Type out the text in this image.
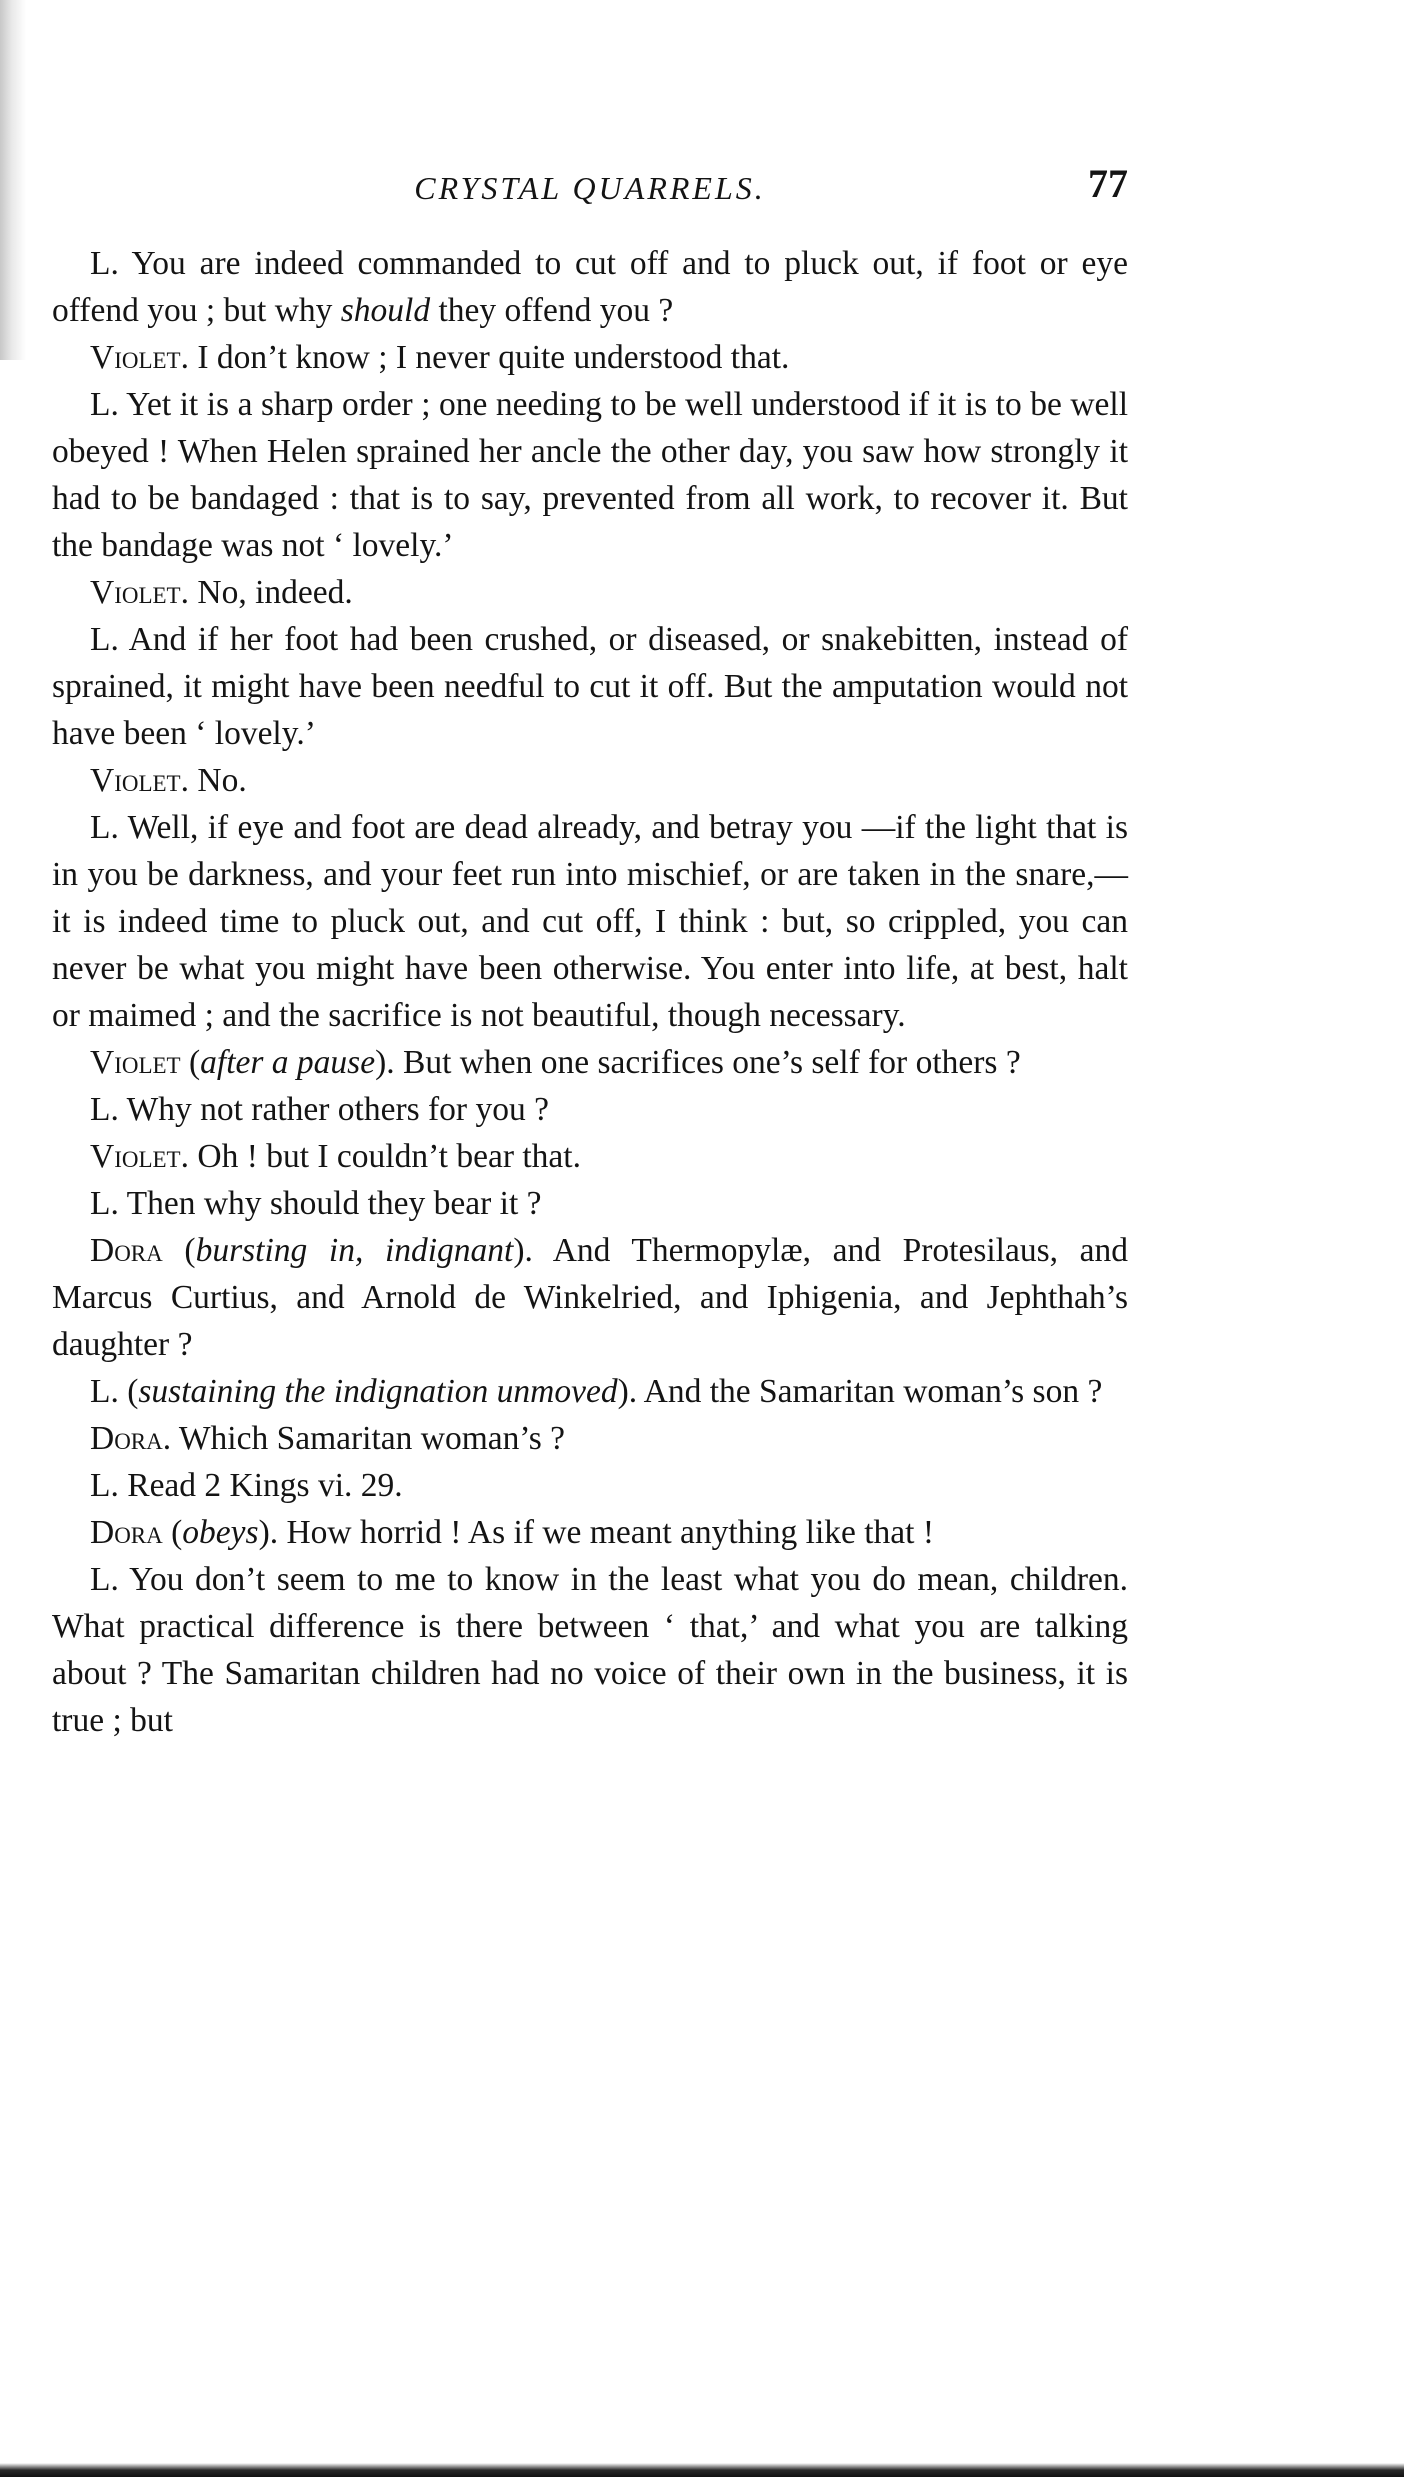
CRYSTAL QUARRELS.	77

L. You are indeed commanded to cut off and to pluck out, if foot or eye offend you ; but why should they offend you ?

Violet. I don’t know ; I never quite understood that.

L. Yet it is a sharp order ; one needing to be well understood if it is to be well obeyed ! When Helen sprained her ancle the other day, you saw how strongly it had to be bandaged : that is to say, prevented from all work, to recover it. But the bandage was not ‘ lovely.’

Violet. No, indeed.

L. And if her foot had been crushed, or diseased, or snakebitten, instead of sprained, it might have been needful to cut it off. But the amputation would not have been ‘ lovely.’

Violet. No.

L. Well, if eye and foot are dead already, and betray you —if the light that is in you be darkness, and your feet run into mischief, or are taken in the snare,—it is indeed time to pluck out, and cut off, I think : but, so crippled, you can never be what you might have been otherwise. You enter into life, at best, halt or maimed ; and the sacrifice is not beautiful, though necessary.

Violet (after a pause). But when one sacrifices one’s self for others ?

L. Why not rather others for you ?

Violet. Oh ! but I couldn’t bear that.

L. Then why should they bear it ?

Dora (bursting in, indignant). And Thermopylæ, and Protesilaus, and Marcus Curtius, and Arnold de Winkelried, and Iphigenia, and Jephthah’s daughter ?

L. (sustaining the indignation unmoved). And the Samaritan woman’s son ?

Dora. Which Samaritan woman’s ?

L. Read 2 Kings vi. 29.

Dora (obeys). How horrid ! As if we meant anything like that !

L. You don’t seem to me to know in the least what you do mean, children. What practical difference is there between ‘ that,’ and what you are talking about ? The Samaritan children had no voice of their own in the business, it is true ; but
